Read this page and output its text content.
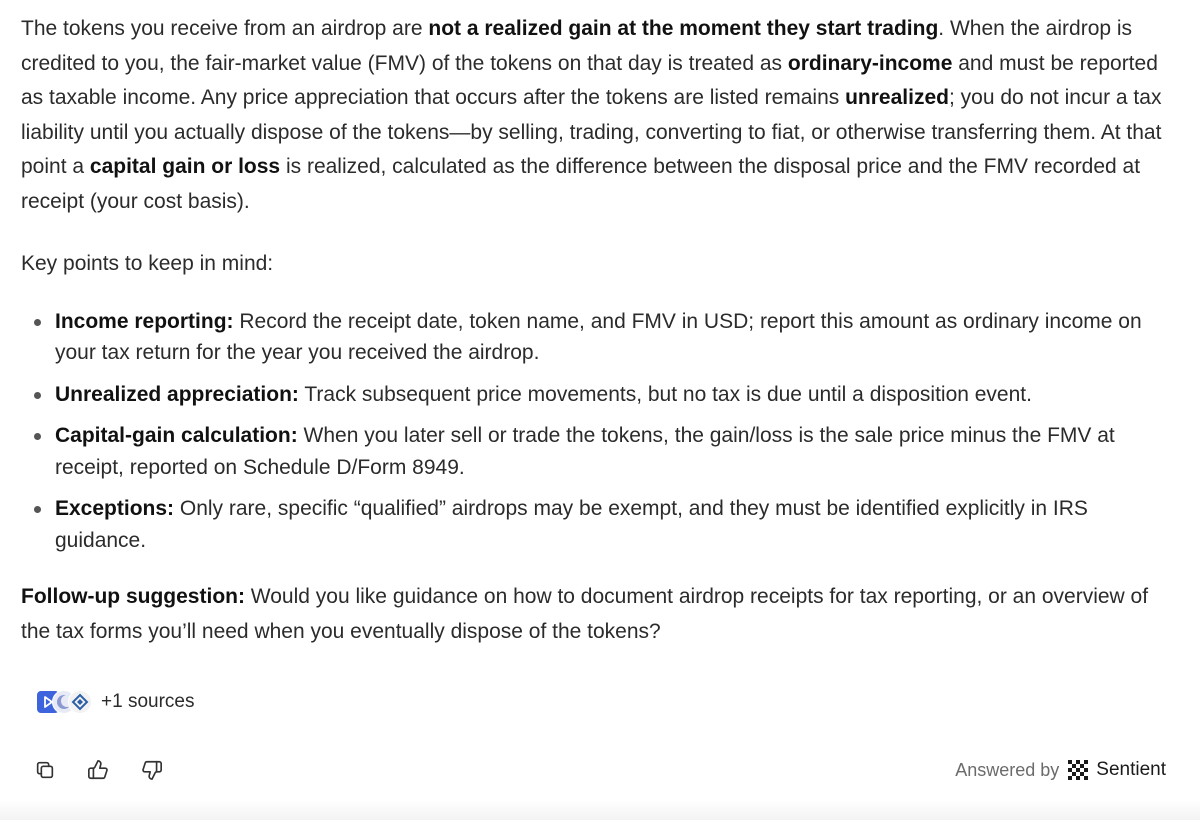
The tokens you receive from an airdrop are not a realized gain at the moment they start trading. When the airdrop is credited to you, the fair-market value (FMV) of the tokens on that day is treated as ordinary-income and must be reported as taxable income. Any price appreciation that occurs after the tokens are listed remains unrealized; you do not incur a tax liability until you actually dispose of the tokens—by selling, trading, converting to fiat, or otherwise transferring them. At that point a capital gain or loss is realized, calculated as the difference between the disposal price and the FMV recorded at receipt (your cost basis).

Key points to keep in mind:

Income reporting: Record the receipt date, token name, and FMV in USD; report this amount as ordinary income on your tax return for the year you received the airdrop.
Unrealized appreciation: Track subsequent price movements, but no tax is due until a disposition event.
Capital-gain calculation: When you later sell or trade the tokens, the gain/loss is the sale price minus the FMV at receipt, reported on Schedule D/Form 8949.
Exceptions: Only rare, specific “qualified” airdrops may be exempt, and they must be identified explicitly in IRS guidance.

Follow-up suggestion: Would you like guidance on how to document airdrop receipts for tax reporting, or an overview of the tax forms you’ll need when you eventually dispose of the tokens?

+1 sources
Answered by Sentient
